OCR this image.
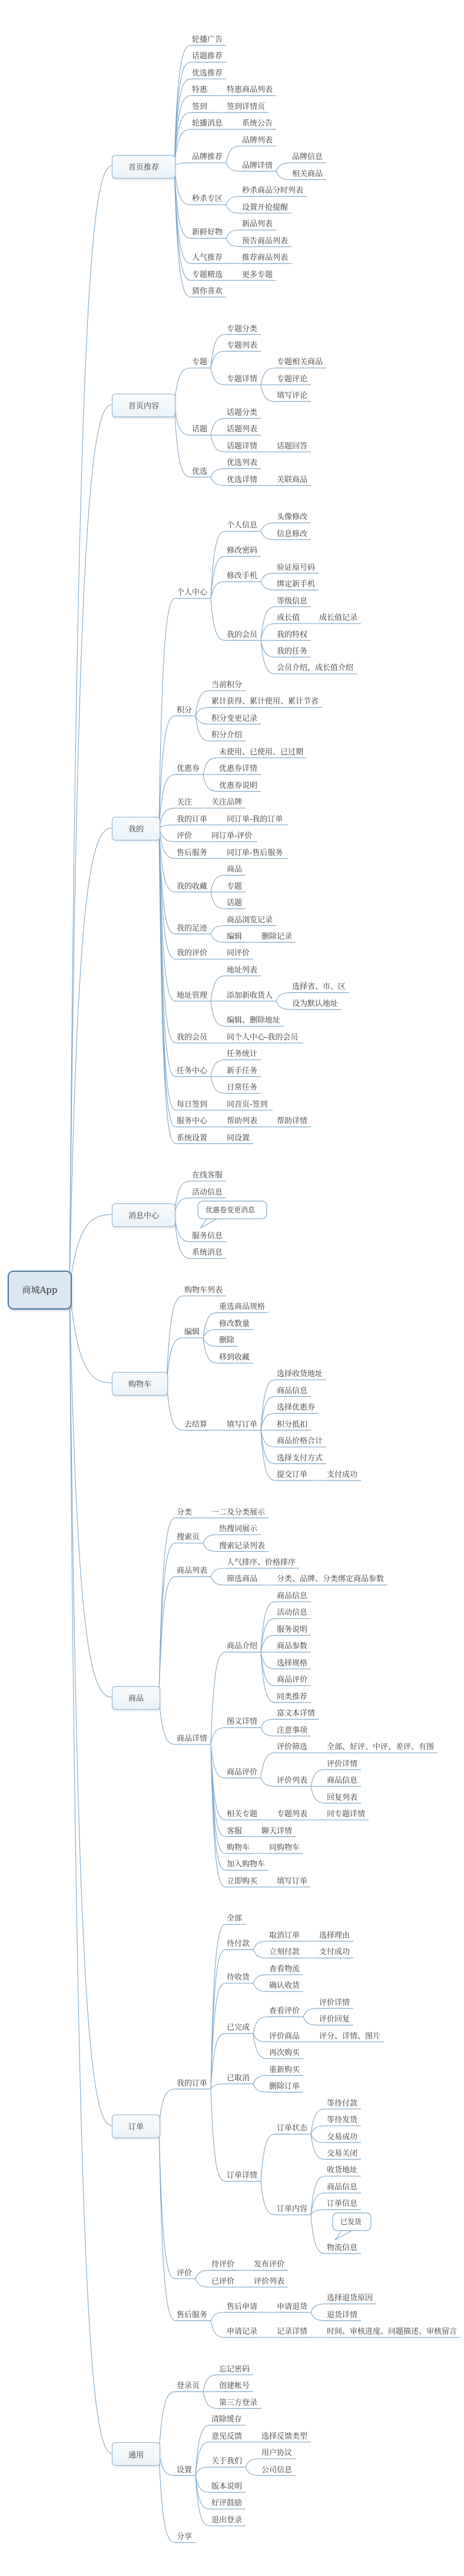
优惠卷变更消息
已发货
商城App
首页推荐
轮播广告
话题推荐
优选推荐
特惠	特惠商品列表
签到	签到详情页
轮播消息	系统公告
品牌推荐
品牌列表
品牌详情
品牌信息
相关商品
秒杀专区
秒杀商品分时列表
设置开抢提醒
新鲜好物
新品列表
预告商品列表
人气推荐	推荐商品列表
专题精选	更多专题
猜你喜欢
首页内容
专题
专题分类
专题列表
专题详情
专题相关商品
专题评论
填写评论
话题
话题分类
话题列表
话题详情	话题回答
优选
优选列表
优选详情	关联商品
我的
个人中心
个人信息
头像修改
信息修改
修改密码
修改手机
验证原号码
绑定新手机
我的会员
等级信息
成长值	成长值记录
我的特权
我的任务
会员介绍、成长值介绍
积分
当前积分
累计获得、累计使用、累计节省
积分变更记录
积分介绍
优惠券
未使用、已使用、已过期
优惠券详情
优惠券说明
关注	关注品牌
我的订单	同订单-我的订单
评价	同订单-评价
售后服务	同订单-售后服务
我的收藏
商品
专题
话题
我的足迹
商品浏览记录
编辑	删除记录
我的评价	同评价
地址管理
地址列表
添加新收货人
选择省、市、区
设为默认地址
编辑、删除地址
我的会员	同个人中心-我的会员
任务中心
任务统计
新手任务
日常任务
每日签到	同首页-签到
服务中心	帮助列表	帮助详情
系统设置	同设置
消息中心
在线客服
活动信息
服务信息
系统消息
购物车
购物车列表
编辑
重选商品规格
修改数量
删除
移到收藏
去结算	填写订单
选择收货地址
商品信息
选择优惠券
积分抵扣
商品价格合计
选择支付方式
提交订单	支付成功
商品
分类	一二及分类展示
搜索页
热搜词展示
搜索记录列表
商品列表
人气排序、价格排序
筛选商品	分类、品牌、分类绑定商品参数
商品详情
商品介绍
商品信息
活动信息
服务说明
商品参数
选择规格
商品评价
同类推荐
图文详情
富文本详情
注意事项
商品评价
评价筛选	全部、好评、中评、差评、有图
评价列表
评价详情
商品信息
回复列表
相关专题	专题列表	同专题详情
客服	聊天详情
购物车	同购物车
加入购物车
立即购买	填写订单
订单
我的订单
全部
待付款
取消订单	选择理由
立刻付款	支付成功
待收货
查看物流
确认收货
已完成
查看评价
评价详情
评价回复
评价商品	评分、详情、图片
再次购买
已取消
重新购买
删除订单
订单详情
订单状态
等待付款
等待发货
交易成功
交易关闭
订单内容
收货地址
商品信息
订单信息
物流信息
评价
待评价	发布评价
已评价	评价列表
售后服务
售后申请	申请退货
选择退货原因
退货详情
申请记录	记录详情	时间、审核进度、问题描述、审核留言
通用
登录页
忘记密码
创建帐号
第三方登录
设置
清除缓存
意见反馈	选择反馈类型
关于我们
用户协议
公司信息
版本说明
好评鼓励
退出登录
分享
